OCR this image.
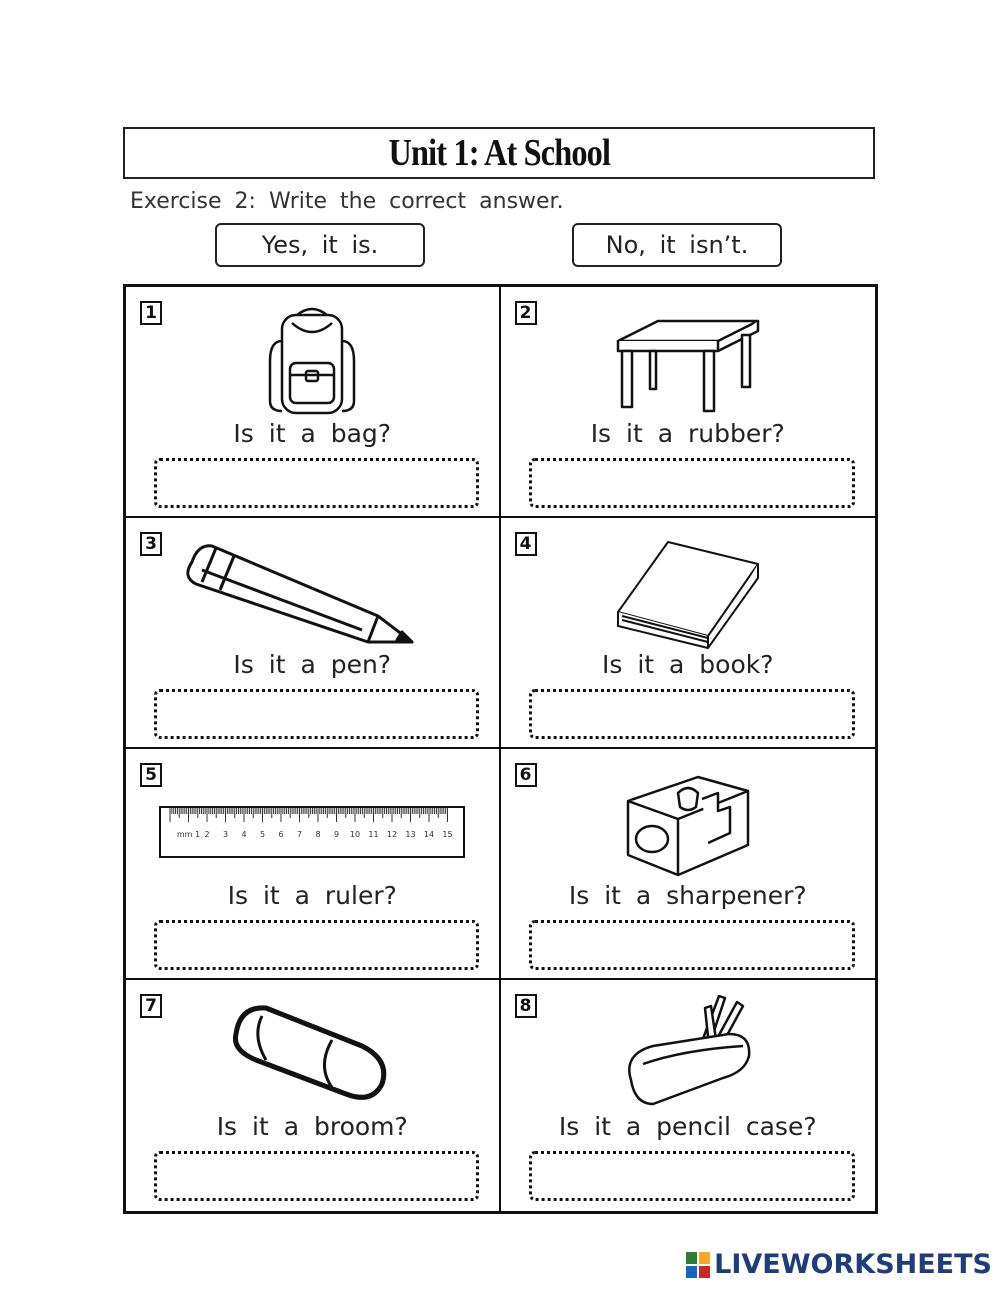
Unit 1: At School
Exercise 2: Write the correct answer.
Yes, it is.	No, it isn’t.
1
Is it a bag?
2
Is it a rubber?
3
Is it a pen?
4
Is it a book?
5
mm 1 2 3 4 5 6 7 8 9 10 11 12 13 14 15
Is it a ruler?
6
Is it a sharpener?
7
Is it a broom?
8
Is it a pencil case?
LIVEWORKSHEETS
